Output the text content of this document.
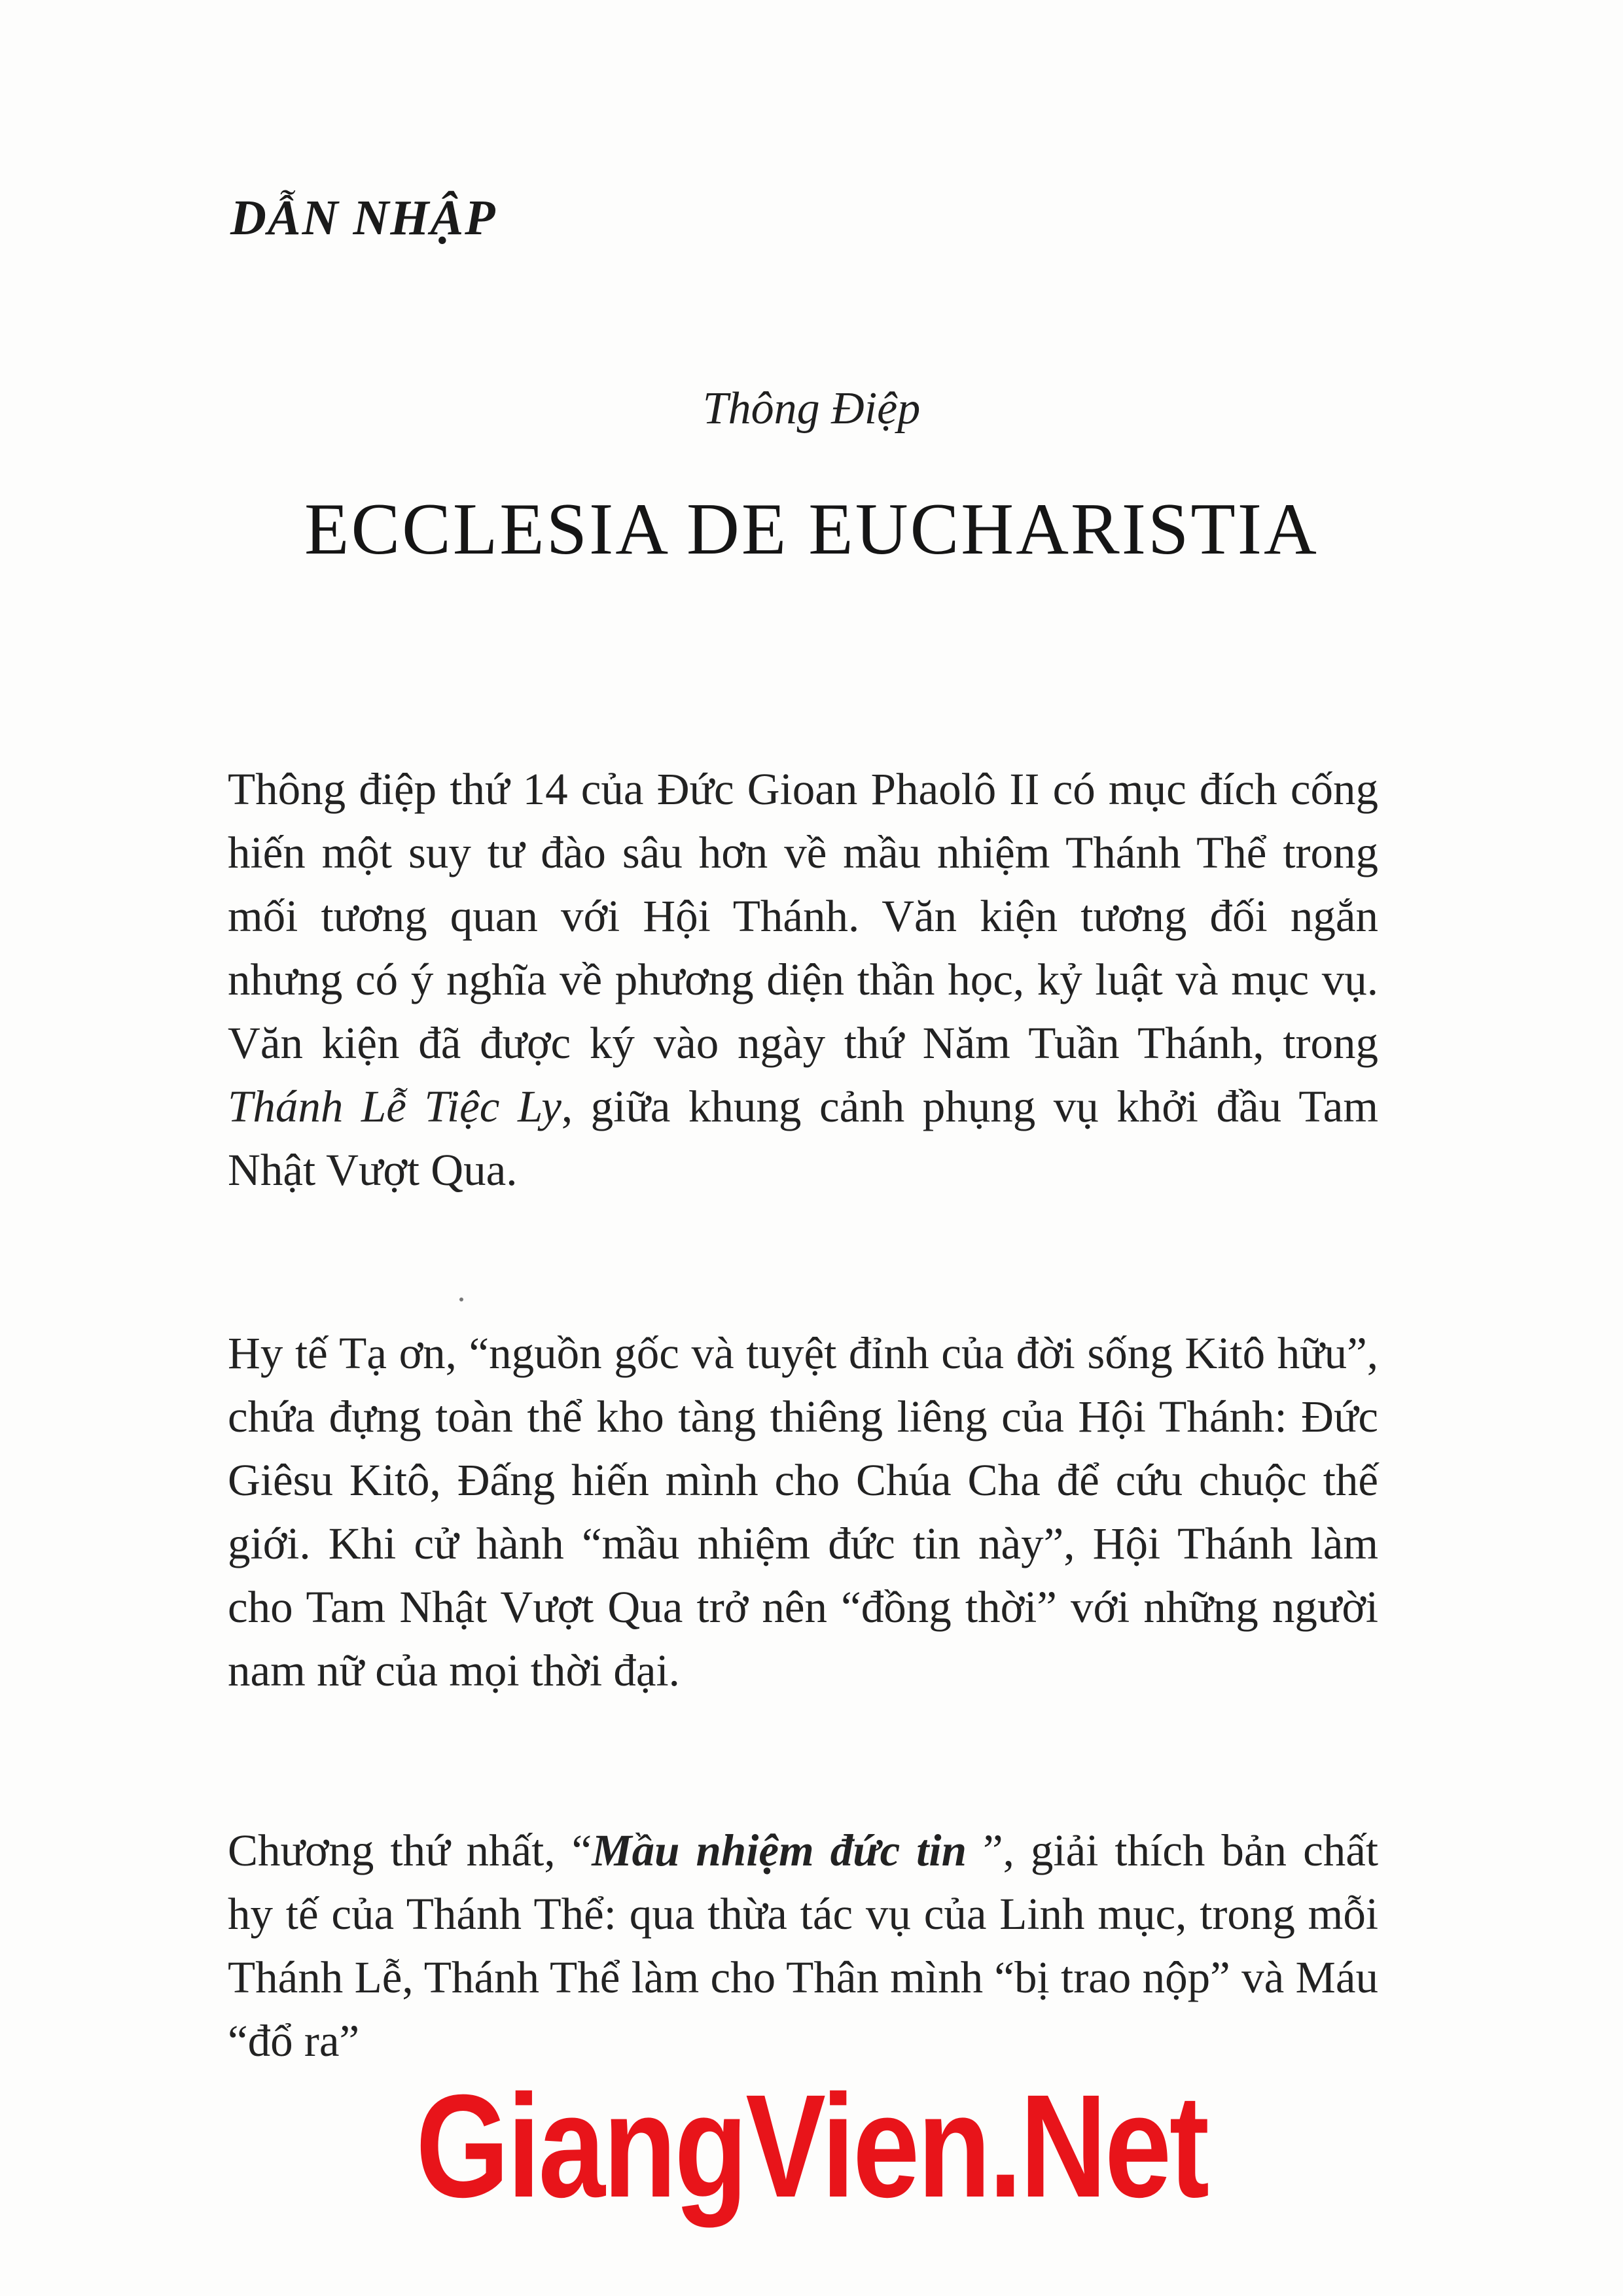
DẪN NHẬP

Thông Điệp

ECCLESIA DE EUCHARISTIA

Thông điệp thứ 14 của Đức Gioan Phaolô II có mục đích cống hiến một suy tư đào sâu hơn về mầu nhiệm Thánh Thể trong mối tương quan với Hội Thánh. Văn kiện tương đối ngắn nhưng có ý nghĩa về phương diện thần học, kỷ luật và mục vụ. Văn kiện đã được ký vào ngày thứ Năm Tuần Thánh, trong Thánh Lễ Tiệc Ly, giữa khung cảnh phụng vụ khởi đầu Tam Nhật Vượt Qua.

Hy tế Tạ ơn, “nguồn gốc và tuyệt đỉnh của đời sống Kitô hữu”, chứa đựng toàn thể kho tàng thiêng liêng của Hội Thánh: Đức Giêsu Kitô, Đấng hiến mình cho Chúa Cha để cứu chuộc thế giới. Khi cử hành “mầu nhiệm đức tin này”, Hội Thánh làm cho Tam Nhật Vượt Qua trở nên “đồng thời” với những người nam nữ của mọi thời đại.

Chương thứ nhất, “Mầu nhiệm đức tin ”, giải thích bản chất hy tế của Thánh Thể: qua thừa tác vụ của Linh mục, trong mỗi Thánh Lễ, Thánh Thể làm cho Thân mình “bị trao nộp” và Máu “đổ ra”

GiangVien.Net
